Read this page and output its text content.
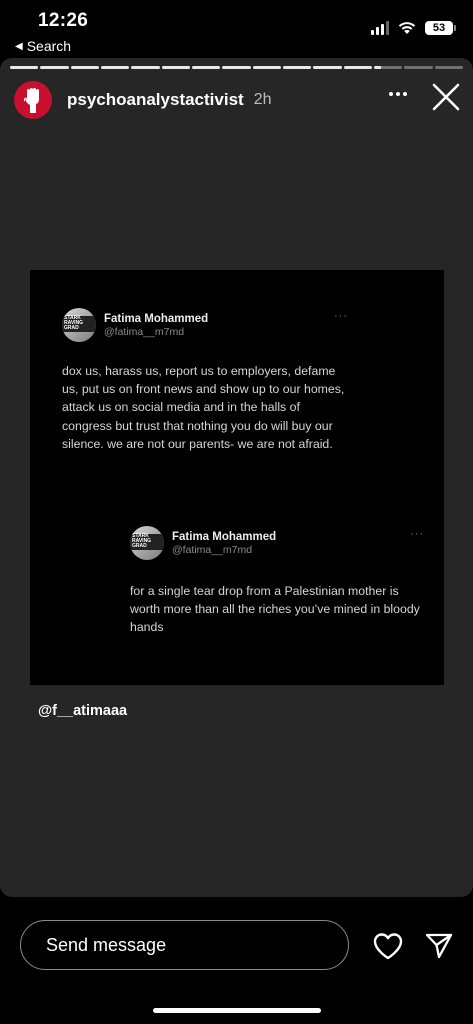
12:26
◀ Search
53
psychoanalystactivist 2h
STARK RAVING GRAD
Fatima Mohammed
@fatima__m7md
···
dox us, harass us, report us to employers, defame us, put us on front news and show up to our homes, attack us on social media and in the halls of congress but trust that nothing you do will buy our silence. we are not our parents- we are not afraid.
STARK RAVING GRAD
Fatima Mohammed
@fatima__m7md
···
for a single tear drop from a Palestinian mother is worth more than all the riches you’ve mined in bloody hands
@f__atimaaa
Send message
